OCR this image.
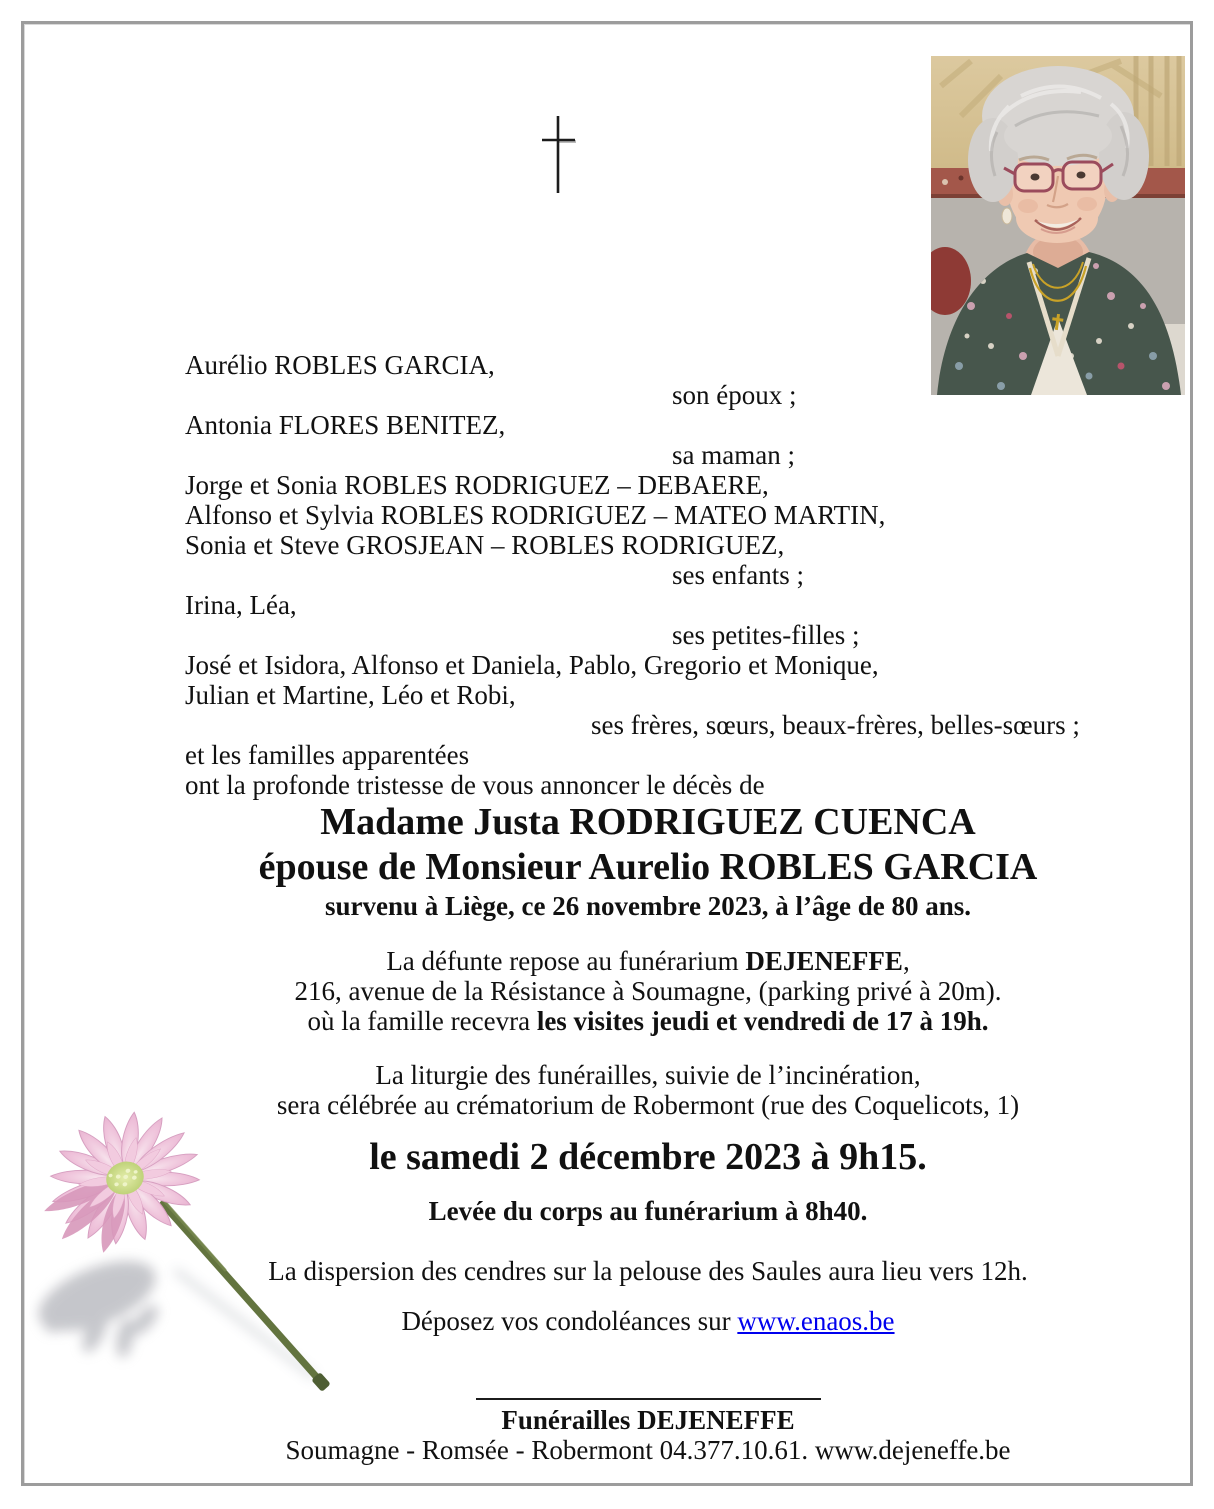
Aurélio ROBLES GARCIA,
son époux ;
Antonia FLORES BENITEZ,
sa maman ;
Jorge et Sonia ROBLES RODRIGUEZ – DEBAERE,
Alfonso et Sylvia ROBLES RODRIGUEZ – MATEO MARTIN,
Sonia et Steve GROSJEAN – ROBLES RODRIGUEZ,
ses enfants ;
Irina, Léa,
ses petites-filles ;
José et Isidora, Alfonso et Daniela, Pablo, Gregorio et Monique,
Julian et Martine, Léo et Robi,
ses frères, sœurs, beaux-frères, belles-sœurs ;
et les familles apparentées
ont la profonde tristesse de vous annoncer le décès de
Madame Justa RODRIGUEZ CUENCA
épouse de Monsieur Aurelio ROBLES GARCIA
survenu à Liège, ce 26 novembre 2023, à l’âge de 80 ans.
La défunte repose au funérarium DEJENEFFE,
216, avenue de la Résistance à Soumagne, (parking privé à 20m).
où la famille recevra les visites jeudi et vendredi de 17 à 19h.
La liturgie des funérailles, suivie de l’incinération,
sera célébrée au crématorium de Robermont (rue des Coquelicots, 1)
le samedi 2 décembre 2023 à 9h15.
Levée du corps au funérarium à 8h40.
La dispersion des cendres sur la pelouse des Saules aura lieu vers 12h.
Déposez vos condoléances sur www.enaos.be
Funérailles DEJENEFFE
Soumagne - Romsée - Robermont 04.377.10.61. www.dejeneffe.be
